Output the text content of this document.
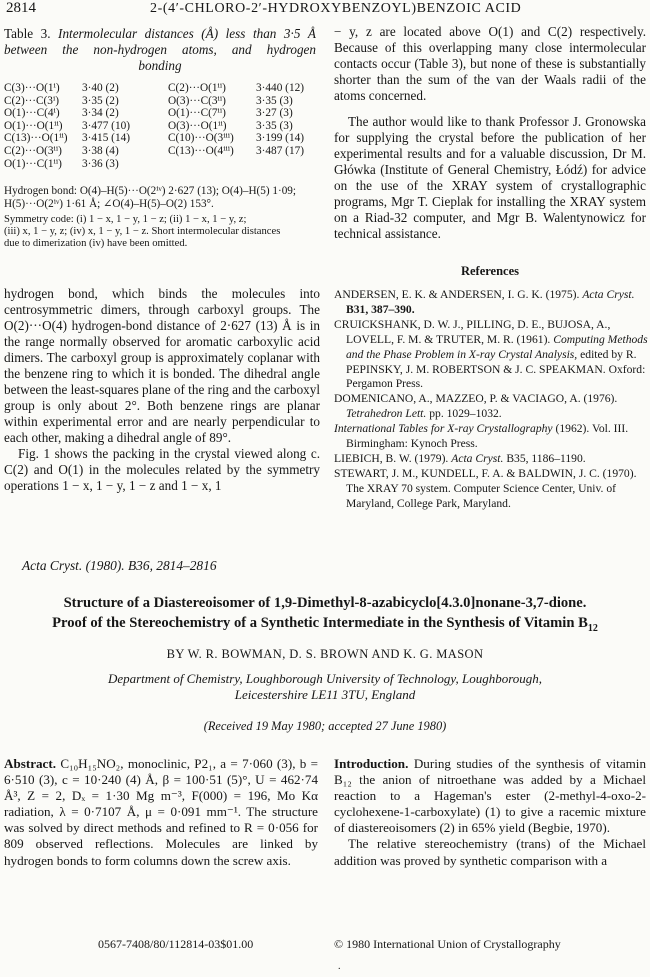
2814	2-(4′-CHLORO-2′-HYDROXYBENZOYL)BENZOIC ACID
Table 3. Intermolecular distances (Å) less than 3·5 Å
between the non-hydrogen atoms, and hydrogen
bonding
C(3)···O(1ⁱ)	3·40 (2)	C(2)···O(1ⁱⁱ)	3·440 (12)
C(2)···C(3ⁱ)	3·35 (2)	O(3)···C(3ⁱⁱ)	3·35 (3)
O(1)···C(4ⁱ)	3·34 (2)	O(1)···C(7ⁱⁱ)	3·27 (3)
O(1)···O(1ⁱⁱ)	3·477 (10)	O(3)···O(1ⁱⁱ)	3·35 (3)
C(13)···O(1ⁱⁱ)	3·415 (14)	C(10)···O(3ⁱⁱⁱ)	3·199 (14)
C(2)···O(3ⁱⁱ)	3·38 (4)	C(13)···O(4ⁱⁱⁱ)	3·487 (17)
O(1)···C(1ⁱⁱ)	3·36 (3)
Hydrogen bond: O(4)–H(5)···O(2ⁱᵛ) 2·627 (13); O(4)–H(5) 1·09;
H(5)···O(2ⁱᵛ) 1·61 Å; ∠O(4)–H(5)–O(2) 153°.
Symmetry code: (i) 1 − x, 1 − y, 1 − z; (ii) 1 − x, 1 − y, z;
(iii) x, 1 − y, z; (iv) x, 1 − y, 1 − z. Short intermolecular distances
due to dimerization (iv) have been omitted.
− y, z are located above O(1) and C(2) respectively. Because of this overlapping many close intermolecular contacts occur (Table 3), but none of these is substantially shorter than the sum of the van der Waals radii of the atoms concerned.
The author would like to thank Professor J. Gronowska for supplying the crystal before the publication of her experimental results and for a valuable discussion, Dr M. Główka (Institute of General Chemistry, Łódź) for advice on the use of the XRAY system of crystallographic programs, Mgr T. Cieplak for installing the XRAY system on a Riad-32 computer, and Mgr B. Walentynowicz for technical assistance.
References
ANDERSEN, E. K. & ANDERSEN, I. G. K. (1975). Acta Cryst. B31, 387–390.
CRUICKSHANK, D. W. J., PILLING, D. E., BUJOSA, A., LOVELL, F. M. & TRUTER, M. R. (1961). Computing Methods and the Phase Problem in X-ray Crystal Analysis, edited by R. PEPINSKY, J. M. ROBERTSON & J. C. SPEAKMAN. Oxford: Pergamon Press.
DOMENICANO, A., MAZZEO, P. & VACIAGO, A. (1976). Tetrahedron Lett. pp. 1029–1032.
International Tables for X-ray Crystallography (1962). Vol. III. Birmingham: Kynoch Press.
LIEBICH, B. W. (1979). Acta Cryst. B35, 1186–1190.
STEWART, J. M., KUNDELL, F. A. & BALDWIN, J. C. (1970). The XRAY 70 system. Computer Science Center, Univ. of Maryland, College Park, Maryland.

hydrogen bond, which binds the molecules into centrosymmetric dimers, through carboxyl groups. The O(2)···O(4) hydrogen-bond distance of 2·627 (13) Å is in the range normally observed for aromatic carboxylic acid dimers. The carboxyl group is approximately coplanar with the benzene ring to which it is bonded. The dihedral angle between the least-squares plane of the ring and the carboxyl group is only about 2°. Both benzene rings are planar within experimental error and are nearly perpendicular to each other, making a dihedral angle of 89°.

Fig. 1 shows the packing in the crystal viewed along c. C(2) and O(1) in the molecules related by the symmetry operations 1 − x, 1 − y, 1 − z and 1 − x, 1

Acta Cryst. (1980). B36, 2814–2816
Structure of a Diastereoisomer of 1,9-Dimethyl-8-azabicyclo[4.3.0]nonane-3,7-dione.
Proof of the Stereochemistry of a Synthetic Intermediate in the Synthesis of Vitamin $B_{12}$
BY W. R. BOWMAN, D. S. BROWN AND K. G. MASON
Department of Chemistry, Loughborough University of Technology, Loughborough,
Leicestershire LE11 3TU, England
(Received 19 May 1980; accepted 27 June 1980)
Abstract. C₁₀H₁₅NO₂, monoclinic, P2₁, a = 7·060 (3), b = 6·510 (3), c = 10·240 (4) Å, β = 100·51 (5)°, U = 462·74 Å³, Z = 2, Dₓ = 1·30 Mg m⁻³, F(000) = 196, Mo Kα radiation, λ = 0·7107 Å, μ = 0·091 mm⁻¹. The structure was solved by direct methods and refined to R = 0·056 for 809 observed reflections. Molecules are linked by hydrogen bonds to form columns down the screw axis.

Introduction. During studies of the synthesis of vitamin B₁₂ the anion of nitroethane was added by a Michael reaction to a Hageman's ester (2-methyl-4-oxo-2-cyclohexene-1-carboxylate) (1) to give a racemic mixture of diastereoisomers (2) in 65% yield (Begbie, 1970).

The relative stereochemistry (trans) of the Michael addition was proved by synthetic comparison with a

0567-7408/80/112814-03$01.00	© 1980 International Union of Crystallography
.
